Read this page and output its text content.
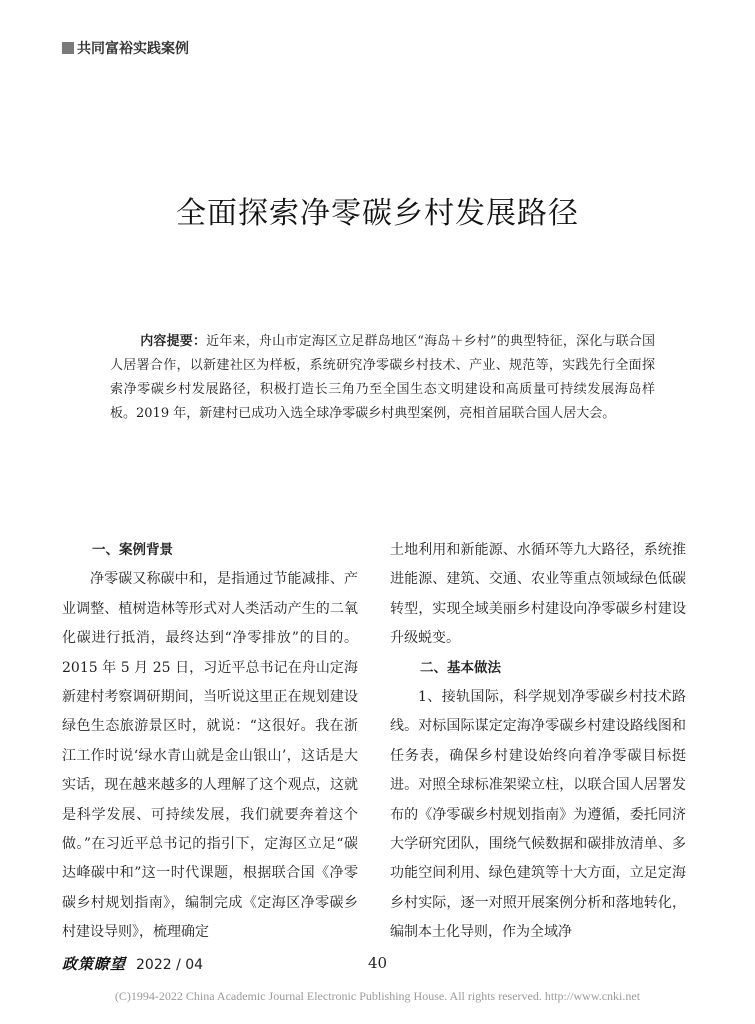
共同富裕实践案例
全面探索净零碳乡村发展路径
内容提要：近年来，舟山市定海区立足群岛地区“海岛＋乡村”的典型特征，深化与联合国人居署合作，以新建社区为样板，系统研究净零碳乡村技术、产业、规范等，实践先行全面探索净零碳乡村发展路径，积极打造长三角乃至全国生态文明建设和高质量可持续发展海岛样板。2019 年，新建村已成功入选全球净零碳乡村典型案例，亮相首届联合国人居大会。
一、案例背景

净零碳又称碳中和，是指通过节能减排、产业调整、植树造林等形式对人类活动产生的二氧化碳进行抵消，最终达到“净零排放”的目的。2015 年 5 月 25 日，习近平总书记在舟山定海新建村考察调研期间，当听说这里正在规划建设绿色生态旅游景区时，就说：“这很好。我在浙江工作时说‘绿水青山就是金山银山’，这话是大实话，现在越来越多的人理解了这个观点，这就是科学发展、可持续发展，我们就要奔着这个做。”在习近平总书记的指引下，定海区立足“碳达峰碳中和”这一时代课题，根据联合国《净零碳乡村规划指南》，编制完成《定海区净零碳乡村建设导则》，梳理确定

土地利用和新能源、水循环等九大路径，系统推进能源、建筑、交通、农业等重点领域绿色低碳转型，实现全域美丽乡村建设向净零碳乡村建设升级蜕变。

二、基本做法

1、接轨国际，科学规划净零碳乡村技术路线。对标国际谋定定海净零碳乡村建设路线图和任务表，确保乡村建设始终向着净零碳目标挺进。对照全球标准架梁立柱，以联合国人居署发布的《净零碳乡村规划指南》为遵循，委托同济大学研究团队，围绕气候数据和碳排放清单、多功能空间利用、绿色建筑等十大方面，立足定海乡村实际，逐一对照开展案例分析和落地转化，编制本土化导则，作为全域净

政策瞭望 2022 / 04	40
(C)1994-2022 China Academic Journal Electronic Publishing House. All rights reserved. http://www.cnki.net
